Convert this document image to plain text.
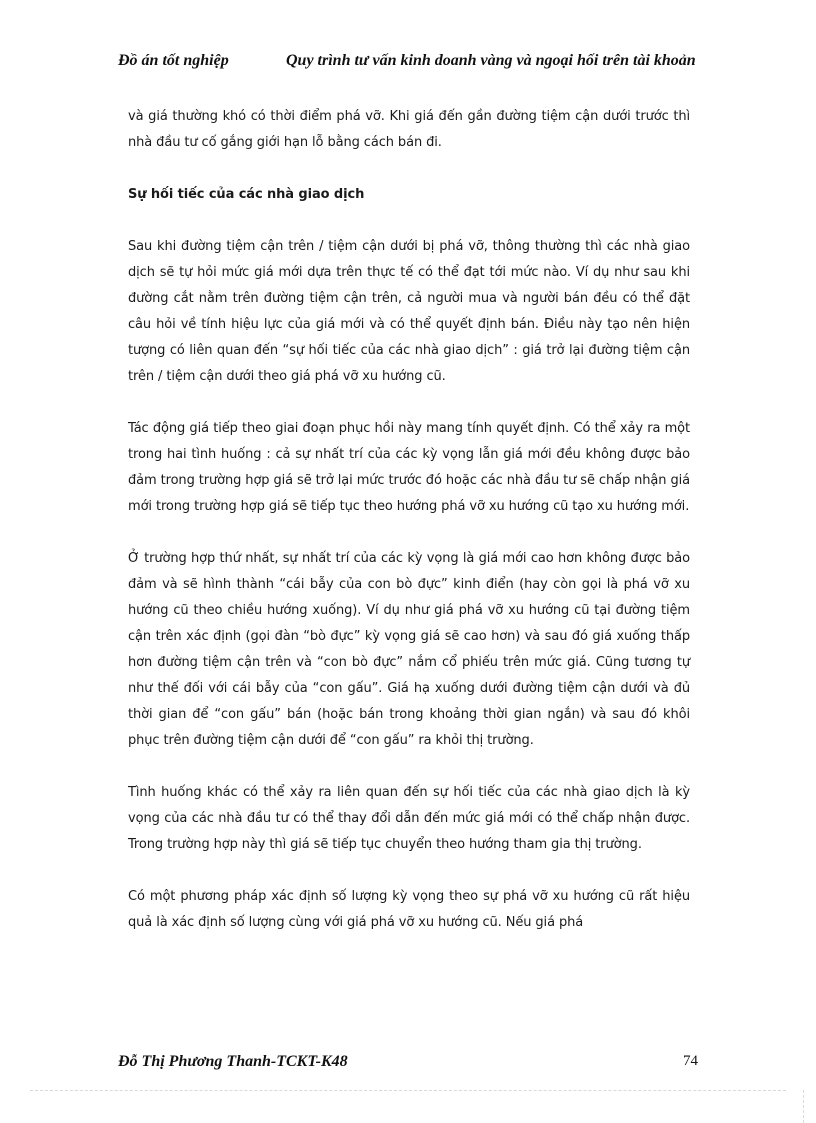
Đồ án tốt nghiệp	Quy trình tư vấn kinh doanh vàng và ngoại hối trên tài khoản

và giá thường khó có thời điểm phá vỡ. Khi giá đến gần đường tiệm cận dưới trước thì nhà đầu tư cố gắng giới hạn lỗ bằng cách bán đi.

Sự hối tiếc của các nhà giao dịch

Sau khi đường tiệm cận trên / tiệm cận dưới bị phá vỡ, thông thường thì các nhà giao dịch sẽ tự hỏi mức giá mới dựa trên thực tế có thể đạt tới mức nào. Ví dụ như sau khi đường cắt nằm trên đường tiệm cận trên, cả người mua và người bán đều có thể đặt câu hỏi về tính hiệu lực của giá mới và có thể quyết định bán. Điều này tạo nên hiện tượng có liên quan đến “sự hối tiếc của các nhà giao dịch” : giá trở lại đường tiệm cận trên / tiệm cận dưới theo giá phá vỡ xu hướng cũ.

Tác động giá tiếp theo giai đoạn phục hồi này mang tính quyết định. Có thể xảy ra một trong hai tình huống : cả sự nhất trí của các kỳ vọng lẫn giá mới đều không được bảo đảm trong trường hợp giá sẽ trở lại mức trước đó hoặc các nhà đầu tư sẽ chấp nhận giá mới trong trường hợp giá sẽ tiếp tục theo hướng phá vỡ xu hướng cũ tạo xu hướng mới.

Ở trường hợp thứ nhất, sự nhất trí của các kỳ vọng là giá mới cao hơn không được bảo đảm và sẽ hình thành “cái bẫy của con bò đực” kinh điển (hay còn gọi là phá vỡ xu hướng cũ theo chiều hướng xuống). Ví dụ như giá phá vỡ xu hướng cũ tại đường tiệm cận trên xác định (gọi đàn “bò đực” kỳ vọng giá sẽ cao hơn) và sau đó giá xuống thấp hơn đường tiệm cận trên và “con bò đực” nắm cổ phiếu trên mức giá. Cũng tương tự như thế đối với cái bẫy của “con gấu”. Giá hạ xuống dưới đường tiệm cận dưới và đủ thời gian để “con gấu” bán (hoặc bán trong khoảng thời gian ngắn) và sau đó khôi phục trên đường tiệm cận dưới để “con gấu” ra khỏi thị trường.

Tình huống khác có thể xảy ra liên quan đến sự hối tiếc của các nhà giao dịch là kỳ vọng của các nhà đầu tư có thể thay đổi dẫn đến mức giá mới có thể chấp nhận được. Trong trường hợp này thì giá sẽ tiếp tục chuyển theo hướng tham gia thị trường.

Có một phương pháp xác định số lượng kỳ vọng theo sự phá vỡ xu hướng cũ rất hiệu quả là xác định số lượng cùng với giá phá vỡ xu hướng cũ. Nếu giá phá

Đỗ Thị Phương Thanh-TCKT-K48	74
